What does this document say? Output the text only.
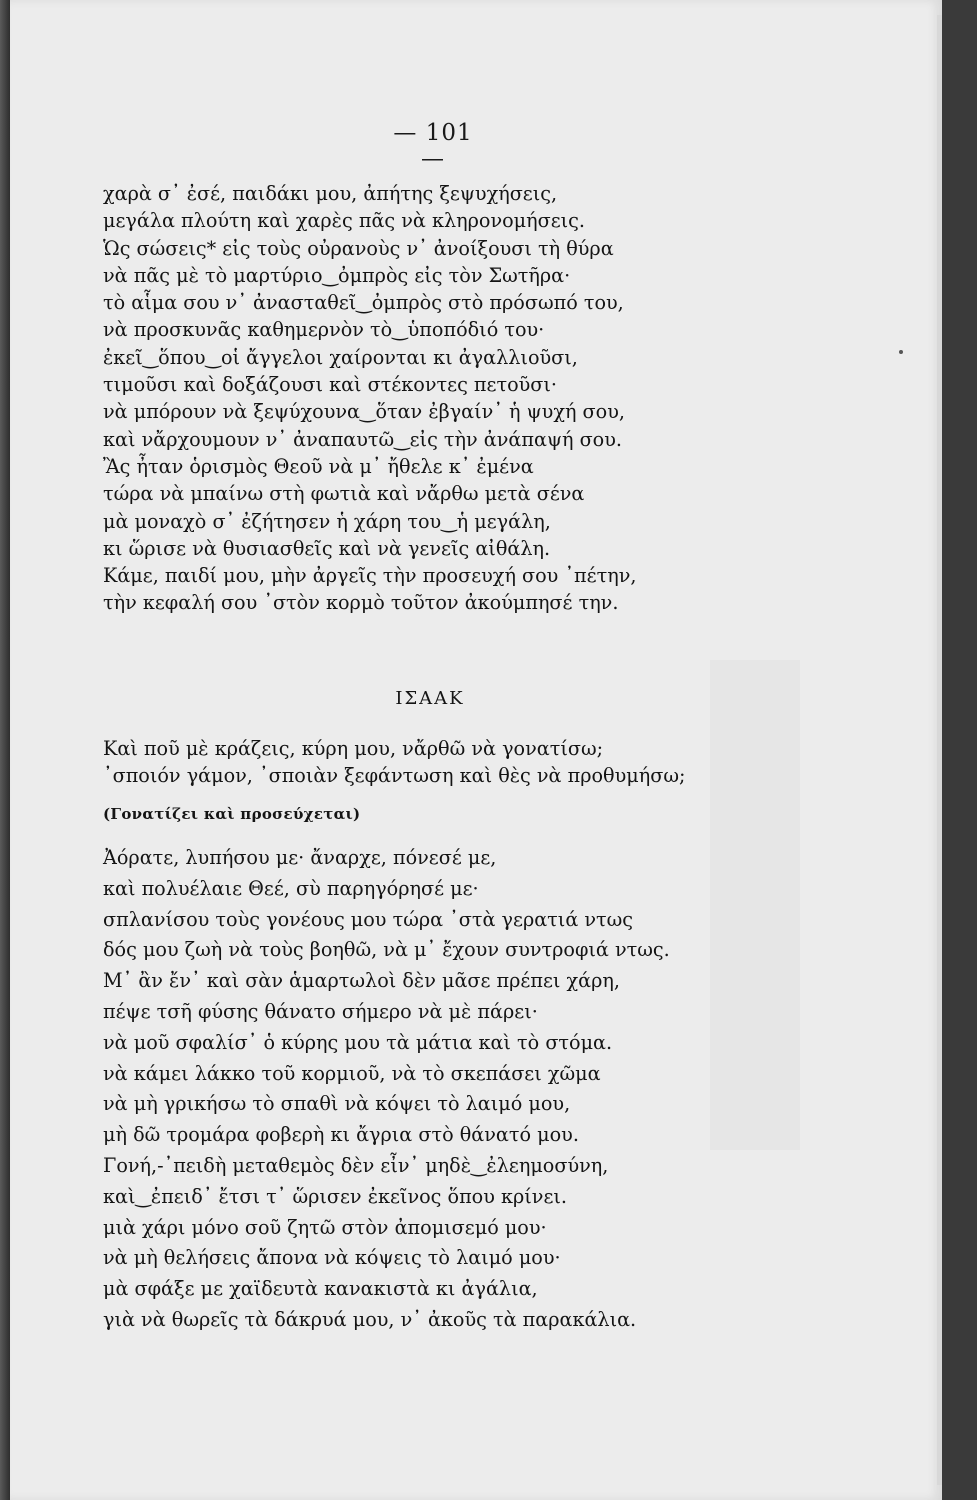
— 101 —
χαρὰ σ᾽ ἐσέ, παιδάκι μου, ἀπήτης ξεψυχήσεις,
μεγάλα πλούτη καὶ χαρὲς πᾶς νὰ κληρονομήσεις.
Ὡς σώσεις* εἰς τοὺς οὐρανοὺς ν᾽ ἀνοίξουσι τὴ θύρα
νὰ πᾶς μὲ τὸ μαρτύριο‿ὀμπρὸς εἰς τὸν Σωτῆρα·
τὸ αἷμα σου ν᾽ ἀνασταθεῖ‿ὀμπρὸς στὸ πρόσωπό του,
νὰ προσκυνᾶς καθημερνὸν τὸ‿ὑποπόδιό του·
ἐκεῖ‿ὅπου‿οἱ ἄγγελοι χαίρονται κι ἀγαλλιοῦσι,
τιμοῦσι καὶ δοξάζουσι καὶ στέκοντες πετοῦσι·
νὰ μπόρουν νὰ ξεψύχουνα‿ὅταν ἐβγαίν᾽ ἡ ψυχή σου,
καὶ νἄρχουμουν ν᾽ ἀναπαυτῶ‿εἰς τὴν ἀνάπαψή σου.
Ἂς ἦταν ὁρισμὸς Θεοῦ νὰ μ᾽ ἤθελε κ᾽ ἐμένα
τώρα νὰ μπαίνω στὴ φωτιὰ καὶ νἄρθω μετὰ σένα
μὰ μοναχὸ σ᾽ ἐζήτησεν ἡ χάρη του‿ἡ μεγάλη,
κι ὥρισε νὰ θυσιασθεῖς καὶ νὰ γενεῖς αἰθάλη.
Κάμε, παιδί μου, μὴν ἀργεῖς τὴν προσευχή σου ᾿πέτην,
τὴν κεφαλή σου ᾿στὸν κορμὸ τοῦτον ἀκούμπησέ την.
ΙΣΑΑΚ
Καὶ ποῦ μὲ κράζεις, κύρη μου, νἄρθῶ νὰ γονατίσω;
᾿σποιόν γάμον, ᾿σποιὰν ξεφάντωση καὶ θὲς νὰ προθυμήσω;
(Γονατίζει καὶ προσεύχεται)
Ἀόρατε, λυπήσου με· ἄναρχε, πόνεσέ με,
καὶ πολυέλαιε Θεέ, σὺ παρηγόρησέ με·
σπλανίσου τοὺς γονέους μου τώρα ᾿στὰ γερατιά ντως
δός μου ζωὴ νὰ τοὺς βοηθῶ, νὰ μ᾽ ἔχουν συντροφιά ντως.
Μ᾽ ἂν ἔν᾽ καὶ σὰν ἁμαρτωλοὶ δὲν μᾶσε πρέπει χάρη,
πέψε τσῆ φύσης θάνατο σήμερο νὰ μὲ πάρει·
νὰ μοῦ σφαλίσ᾽ ὁ κύρης μου τὰ μάτια καὶ τὸ στόμα.
νὰ κάμει λάκκο τοῦ κορμιοῦ, νὰ τὸ σκεπάσει χῶμα
νὰ μὴ γρικήσω τὸ σπαθὶ νὰ κόψει τὸ λαιμό μου,
μὴ δῶ τρομάρα φοβερὴ κι ἄγρια στὸ θάνατό μου.
Γονή,-᾿πειδὴ μεταθεμὸς δὲν εἶν᾽ μηδὲ‿ἐλεημοσύνη,
καὶ‿ἐπειδ᾽ ἔτσι τ᾽ ὥρισεν ἐκεῖνος ὅπου κρίνει.
μιὰ χάρι μόνο σοῦ ζητῶ στὸν ἀπομισεμό μου·
νὰ μὴ θελήσεις ἄπονα νὰ κόψεις τὸ λαιμό μου·
μὰ σφάξε με χαϊδευτὰ κανακιστὰ κι ἀγάλια,
γιὰ νὰ θωρεῖς τὰ δάκρυά μου, ν᾽ ἀκοῦς τὰ παρακάλια.
